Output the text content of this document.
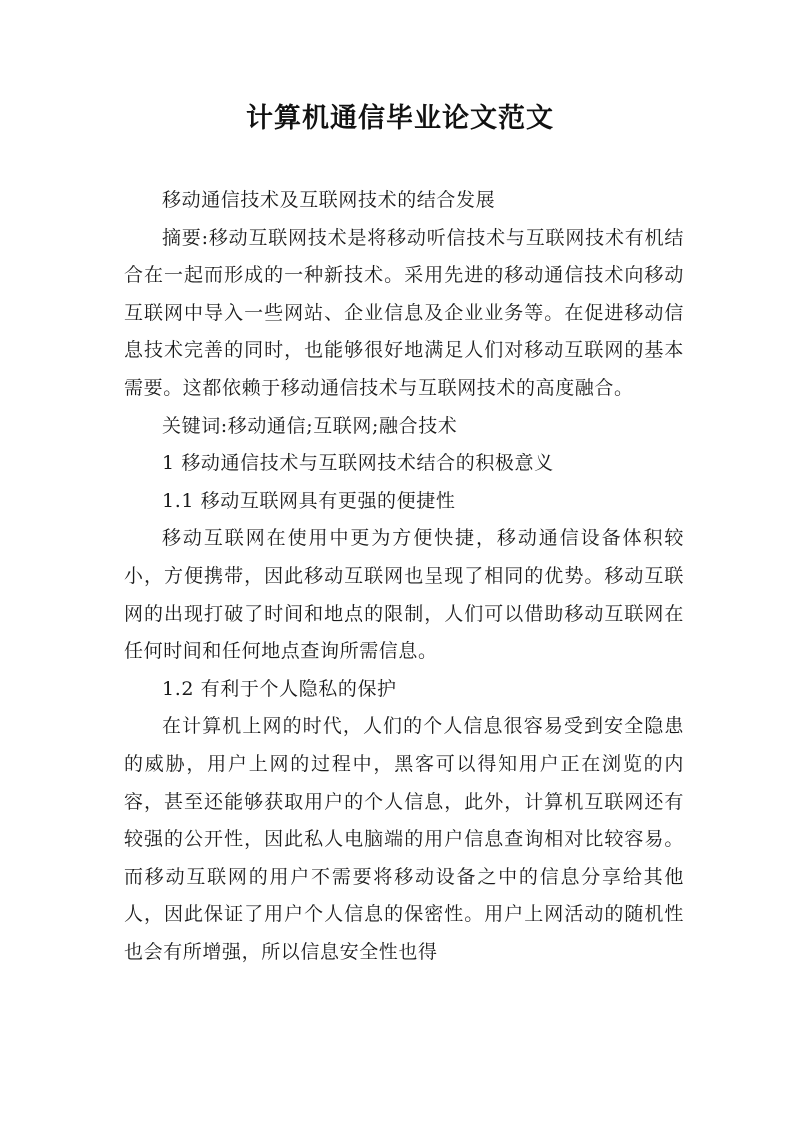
计算机通信毕业论文范文

移动通信技术及互联网技术的结合发展

摘要:移动互联网技术是将移动听信技术与互联网技术有机结合在一起而形成的一种新技术。采用先进的移动通信技术向移动互联网中导入一些网站、企业信息及企业业务等。在促进移动信息技术完善的同时，也能够很好地满足人们对移动互联网的基本需要。这都依赖于移动通信技术与互联网技术的高度融合。

关键词:移动通信;互联网;融合技术

1 移动通信技术与互联网技术结合的积极意义

1.1 移动互联网具有更强的便捷性

移动互联网在使用中更为方便快捷，移动通信设备体积较小，方便携带，因此移动互联网也呈现了相同的优势。移动互联网的出现打破了时间和地点的限制，人们可以借助移动互联网在任何时间和任何地点查询所需信息。

1.2 有利于个人隐私的保护

在计算机上网的时代，人们的个人信息很容易受到安全隐患的威胁，用户上网的过程中，黑客可以得知用户正在浏览的内容，甚至还能够获取用户的个人信息，此外，计算机互联网还有较强的公开性，因此私人电脑端的用户信息查询相对比较容易。而移动互联网的用户不需要将移动设备之中的信息分享给其他人，因此保证了用户个人信息的保密性。用户上网活动的随机性也会有所增强，所以信息安全性也得
